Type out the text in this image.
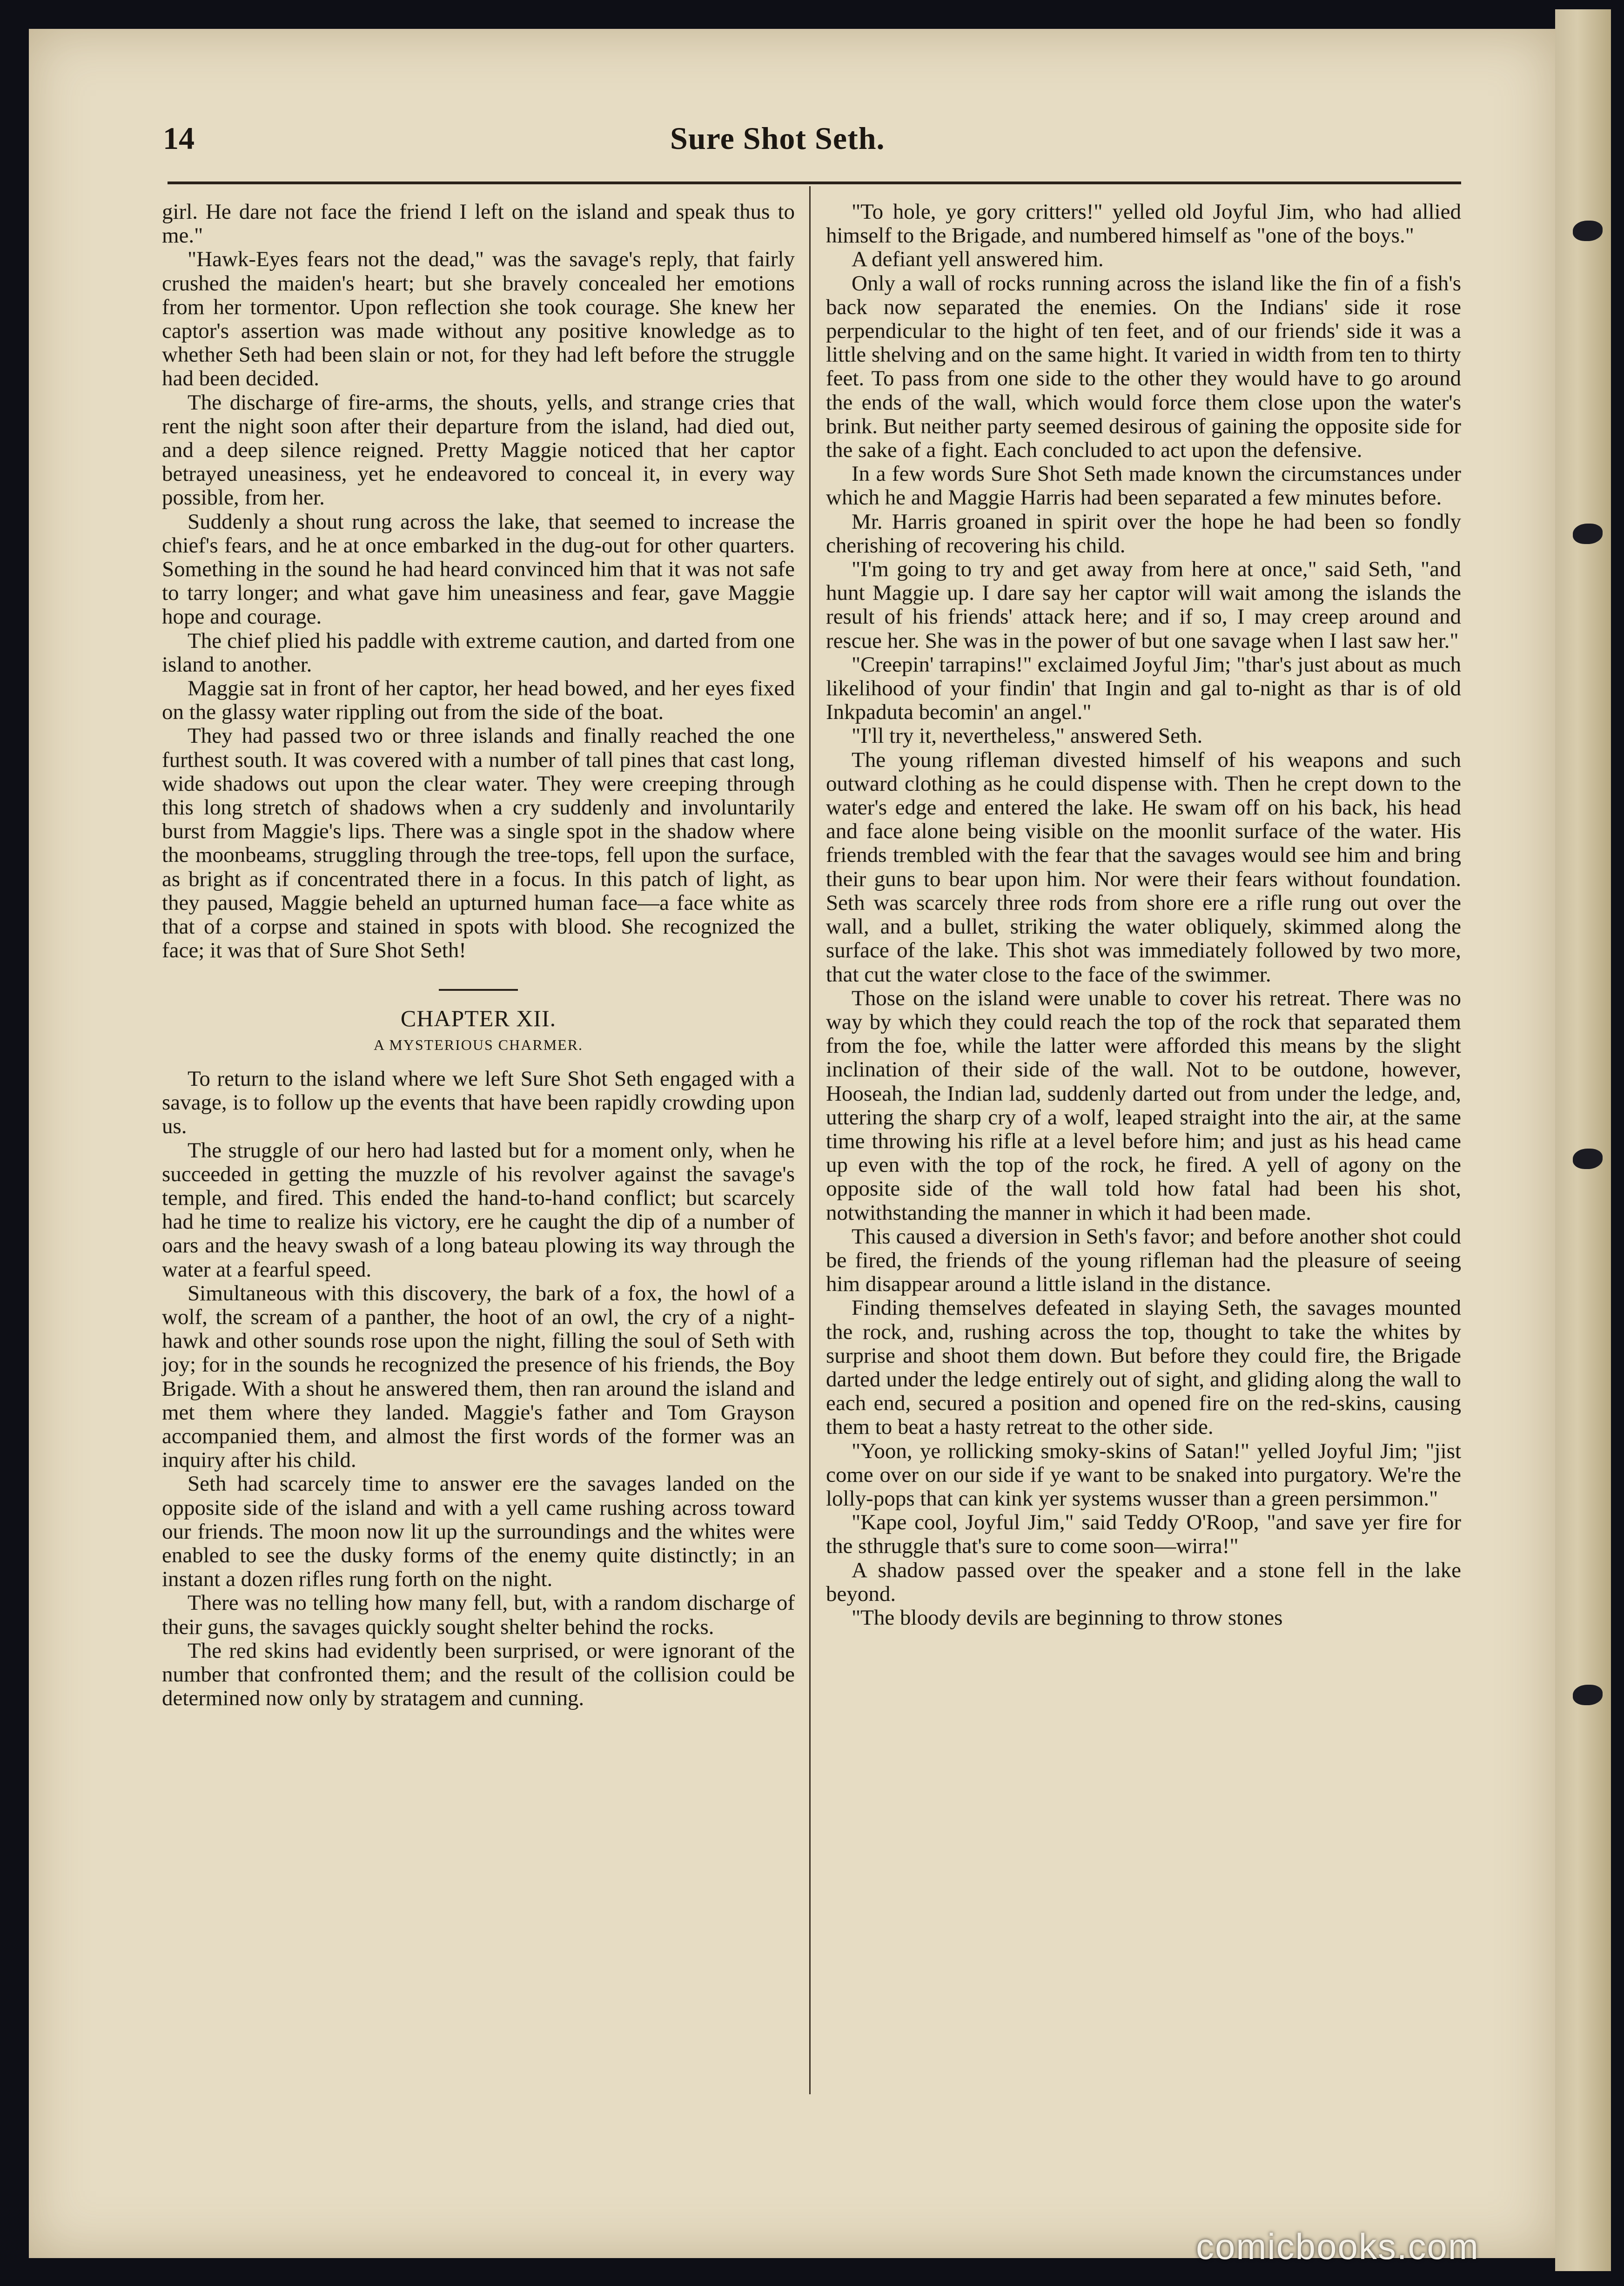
14	Sure Shot Seth.

girl. He dare not face the friend I left on the island and speak thus to me."

"Hawk-Eyes fears not the dead," was the savage's reply, that fairly crushed the maiden's heart; but she bravely concealed her emotions from her tormentor. Upon reflection she took courage. She knew her captor's assertion was made without any positive knowledge as to whether Seth had been slain or not, for they had left before the struggle had been decided.

The discharge of fire-arms, the shouts, yells, and strange cries that rent the night soon after their departure from the island, had died out, and a deep silence reigned. Pretty Maggie noticed that her captor betrayed uneasiness, yet he endeavored to conceal it, in every way possible, from her.

Suddenly a shout rung across the lake, that seemed to increase the chief's fears, and he at once embarked in the dug-out for other quarters. Something in the sound he had heard convinced him that it was not safe to tarry longer; and what gave him uneasiness and fear, gave Maggie hope and courage.

The chief plied his paddle with extreme caution, and darted from one island to another.

Maggie sat in front of her captor, her head bowed, and her eyes fixed on the glassy water rippling out from the side of the boat.

They had passed two or three islands and finally reached the one furthest south. It was covered with a number of tall pines that cast long, wide shadows out upon the clear water. They were creeping through this long stretch of shadows when a cry suddenly and involuntarily burst from Maggie's lips. There was a single spot in the shadow where the moonbeams, struggling through the tree-tops, fell upon the surface, as bright as if concentrated there in a focus. In this patch of light, as they paused, Maggie beheld an upturned human face—a face white as that of a corpse and stained in spots with blood. She recognized the face; it was that of Sure Shot Seth!

CHAPTER XII.
A MYSTERIOUS CHARMER.

To return to the island where we left Sure Shot Seth engaged with a savage, is to follow up the events that have been rapidly crowding upon us.

The struggle of our hero had lasted but for a moment only, when he succeeded in getting the muzzle of his revolver against the savage's temple, and fired. This ended the hand-to-hand conflict; but scarcely had he time to realize his victory, ere he caught the dip of a number of oars and the heavy swash of a long bateau plowing its way through the water at a fearful speed.

Simultaneous with this discovery, the bark of a fox, the howl of a wolf, the scream of a panther, the hoot of an owl, the cry of a night-hawk and other sounds rose upon the night, filling the soul of Seth with joy; for in the sounds he recognized the presence of his friends, the Boy Brigade. With a shout he answered them, then ran around the island and met them where they landed. Maggie's father and Tom Grayson accompanied them, and almost the first words of the former was an inquiry after his child.

Seth had scarcely time to answer ere the savages landed on the opposite side of the island and with a yell came rushing across toward our friends. The moon now lit up the surroundings and the whites were enabled to see the dusky forms of the enemy quite distinctly; in an instant a dozen rifles rung forth on the night.

There was no telling how many fell, but, with a random discharge of their guns, the savages quickly sought shelter behind the rocks.

The red skins had evidently been surprised, or were ignorant of the number that confronted them; and the result of the collision could be determined now only by stratagem and cunning.

"To hole, ye gory critters!" yelled old Joyful Jim, who had allied himself to the Brigade, and numbered himself as "one of the boys."

A defiant yell answered him.

Only a wall of rocks running across the island like the fin of a fish's back now separated the enemies. On the Indians' side it rose perpendicular to the hight of ten feet, and of our friends' side it was a little shelving and on the same hight. It varied in width from ten to thirty feet. To pass from one side to the other they would have to go around the ends of the wall, which would force them close upon the water's brink. But neither party seemed desirous of gaining the opposite side for the sake of a fight. Each concluded to act upon the defensive.

In a few words Sure Shot Seth made known the circumstances under which he and Maggie Harris had been separated a few minutes before.

Mr. Harris groaned in spirit over the hope he had been so fondly cherishing of recovering his child.

"I'm going to try and get away from here at once," said Seth, "and hunt Maggie up. I dare say her captor will wait among the islands the result of his friends' attack here; and if so, I may creep around and rescue her. She was in the power of but one savage when I last saw her."

"Creepin' tarrapins!" exclaimed Joyful Jim; "thar's just about as much likelihood of your findin' that Ingin and gal to-night as thar is of old Inkpaduta becomin' an angel."

"I'll try it, nevertheless," answered Seth.

The young rifleman divested himself of his weapons and such outward clothing as he could dispense with. Then he crept down to the water's edge and entered the lake. He swam off on his back, his head and face alone being visible on the moonlit surface of the water. His friends trembled with the fear that the savages would see him and bring their guns to bear upon him. Nor were their fears without foundation. Seth was scarcely three rods from shore ere a rifle rung out over the wall, and a bullet, striking the water obliquely, skimmed along the surface of the lake. This shot was immediately followed by two more, that cut the water close to the face of the swimmer.

Those on the island were unable to cover his retreat. There was no way by which they could reach the top of the rock that separated them from the foe, while the latter were afforded this means by the slight inclination of their side of the wall. Not to be outdone, however, Hooseah, the Indian lad, suddenly darted out from under the ledge, and, uttering the sharp cry of a wolf, leaped straight into the air, at the same time throwing his rifle at a level before him; and just as his head came up even with the top of the rock, he fired. A yell of agony on the opposite side of the wall told how fatal had been his shot, notwithstanding the manner in which it had been made.

This caused a diversion in Seth's favor; and before another shot could be fired, the friends of the young rifleman had the pleasure of seeing him disappear around a little island in the distance.

Finding themselves defeated in slaying Seth, the savages mounted the rock, and, rushing across the top, thought to take the whites by surprise and shoot them down. But before they could fire, the Brigade darted under the ledge entirely out of sight, and gliding along the wall to each end, secured a position and opened fire on the red-skins, causing them to beat a hasty retreat to the other side.

"Yoon, ye rollicking smoky-skins of Satan!" yelled Joyful Jim; "jist come over on our side if ye want to be snaked into purgatory. We're the lolly-pops that can kink yer systems wusser than a green persimmon."

"Kape cool, Joyful Jim," said Teddy O'Roop, "and save yer fire for the sthruggle that's sure to come soon—wirra!"

A shadow passed over the speaker and a stone fell in the lake beyond.

"The bloody devils are beginning to throw stones

comicbooks.com
